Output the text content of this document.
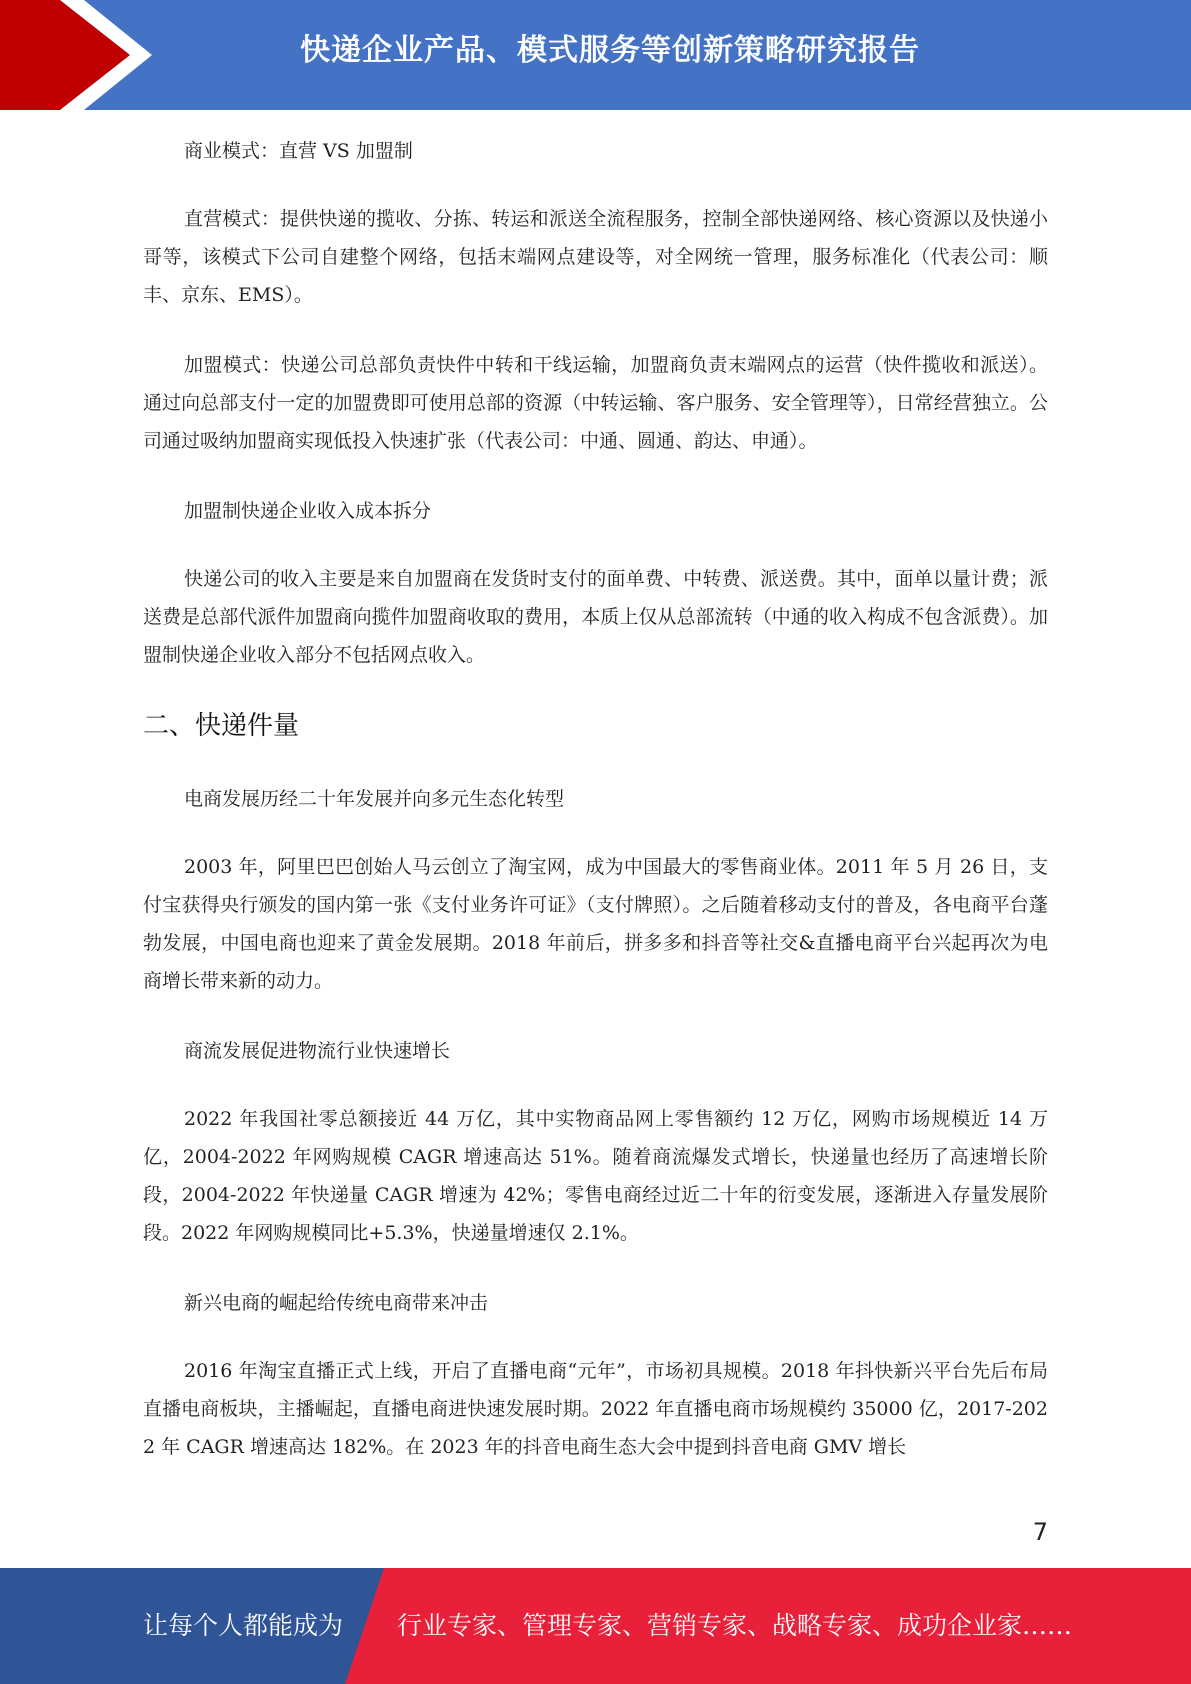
快递企业产品、模式服务等创新策略研究报告

商业模式：直营 VS 加盟制

直营模式：提供快递的揽收、分拣、转运和派送全流程服务，控制全部快递网络、核心资源以及快递小哥等，该模式下公司自建整个网络，包括末端网点建设等，对全网统一管理，服务标准化（代表公司：顺丰、京东、EMS）。

加盟模式：快递公司总部负责快件中转和干线运输，加盟商负责末端网点的运营（快件揽收和派送）。通过向总部支付一定的加盟费即可使用总部的资源（中转运输、客户服务、安全管理等），日常经营独立。公司通过吸纳加盟商实现低投入快速扩张（代表公司：中通、圆通、韵达、申通）。

加盟制快递企业收入成本拆分

快递公司的收入主要是来自加盟商在发货时支付的面单费、中转费、派送费。其中，面单以量计费；派送费是总部代派件加盟商向揽件加盟商收取的费用，本质上仅从总部流转（中通的收入构成不包含派费）。加盟制快递企业收入部分不包括网点收入。

二、快递件量

电商发展历经二十年发展并向多元生态化转型

2003 年，阿里巴巴创始人马云创立了淘宝网，成为中国最大的零售商业体。2011 年 5 月 26 日，支付宝获得央行颁发的国内第一张《支付业务许可证》（支付牌照）。之后随着移动支付的普及，各电商平台蓬勃发展，中国电商也迎来了黄金发展期。2018 年前后，拼多多和抖音等社交&直播电商平台兴起再次为电商增长带来新的动力。

商流发展促进物流行业快速增长

2022 年我国社零总额接近 44 万亿，其中实物商品网上零售额约 12 万亿，网购市场规模近 14 万亿，2004-2022 年网购规模 CAGR 增速高达 51%。随着商流爆发式增长，快递量也经历了高速增长阶段，2004-2022 年快递量 CAGR 增速为 42%；零售电商经过近二十年的衍变发展，逐渐进入存量发展阶段。2022 年网购规模同比+5.3%，快递量增速仅 2.1%。

新兴电商的崛起给传统电商带来冲击

2016 年淘宝直播正式上线，开启了直播电商“元年”，市场初具规模。2018 年抖快新兴平台先后布局直播电商板块，主播崛起，直播电商进快速发展时期。2022 年直播电商市场规模约 35000 亿，2017-2022 年 CAGR 增速高达 182%。在 2023 年的抖音电商生态大会中提到抖音电商 GMV 增长

7
让每个人都能成为 行业专家、管理专家、营销专家、战略专家、成功企业家……
